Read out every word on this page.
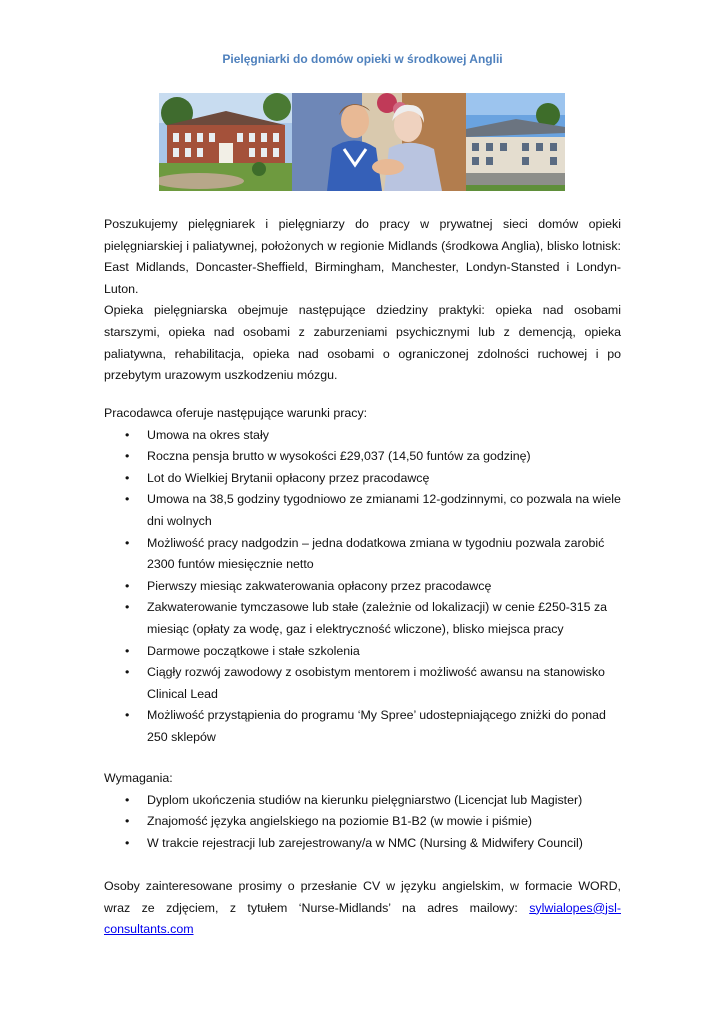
Pielęgniarki do domów opieki w środkowej Anglii

Poszukujemy pielęgniarek i pielęgniarzy do pracy w prywatnej sieci domów opieki pielęgniarskiej i paliatywnej, położonych w regionie Midlands (środkowa Anglia), blisko lotnisk: East Midlands, Doncaster-Sheffield, Birmingham, Manchester, Londyn-Stansted i Londyn-Luton.

Opieka pielęgniarska obejmuje następujące dziedziny praktyki: opieka nad osobami starszymi, opieka nad osobami z zaburzeniami psychicznymi lub z demencją, opieka paliatywna, rehabilitacja, opieka nad osobami o ograniczonej zdolności ruchowej i po przebytym urazowym uszkodzeniu mózgu.

Pracodawca oferuje następujące warunki pracy:

• Umowa na okres stały
• Roczna pensja brutto w wysokości £29,037 (14,50 funtów za godzinę)
• Lot do Wielkiej Brytanii opłacony przez pracodawcę
• Umowa na 38,5 godziny tygodniowo ze zmianami 12-godzinnymi, co pozwala na wiele dni wolnych
• Możliwość pracy nadgodzin – jedna dodatkowa zmiana w tygodniu pozwala zarobić 2300 funtów miesięcznie netto
• Pierwszy miesiąc zakwaterowania opłacony przez pracodawcę
• Zakwaterowanie tymczasowe lub stałe (zależnie od lokalizacji) w cenie £250-315 za miesiąc (opłaty za wodę, gaz i elektryczność wliczone), blisko miejsca pracy
• Darmowe początkowe i stałe szkolenia
• Ciągły rozwój zawodowy z osobistym mentorem i możliwość awansu na stanowisko Clinical Lead
• Możliwość przystąpienia do programu ‘My Spree’ udostepniającego zniżki do ponad 250 sklepów

Wymagania:

• Dyplom ukończenia studiów na kierunku pielęgniarstwo (Licencjat lub Magister)
• Znajomość języka angielskiego na poziomie B1-B2 (w mowie i piśmie)
• W trakcie rejestracji lub zarejestrowany/a w NMC (Nursing & Midwifery Council)

Osoby zainteresowane prosimy o przesłanie CV w języku angielskim, w formacie WORD, wraz ze zdjęciem, z tytułem ‘Nurse-Midlands’ na adres mailowy: sylwialopes@jsl-consultants.com
